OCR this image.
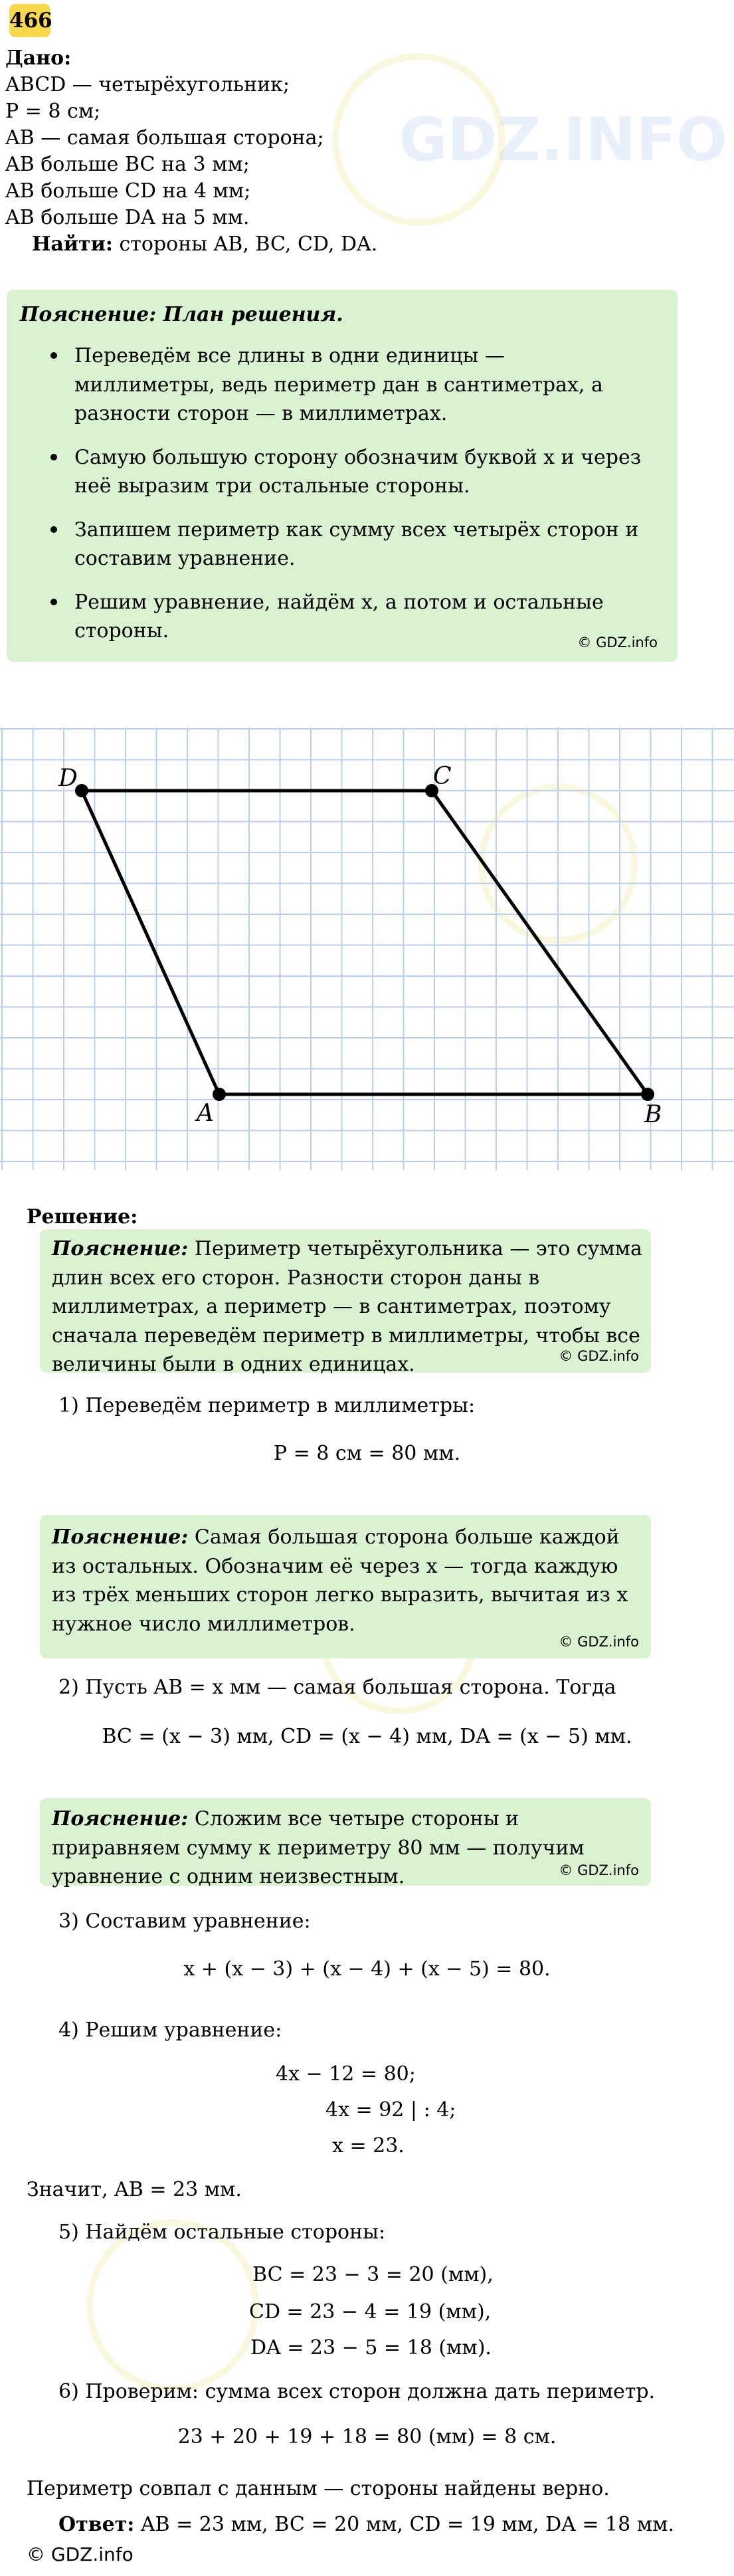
GDZ.INFO
466
Дано:
ABCD — четырёхугольник;
P = 8 см;
AB — самая большая сторона;
AB больше BC на 3 мм;
AB больше CD на 4 мм;
AB больше DA на 5 мм.
Найти: стороны AB, BC, CD, DA.
Пояснение: План решения.
Переведём все длины в одни единицы — миллиметры, ведь периметр дан в сантиметрах, а разности сторон — в миллиметрах.
Самую большую сторону обозначим буквой x и через неё выразим три остальные стороны.
Запишем периметр как сумму всех четырёх сторон и составим уравнение.
Решим уравнение, найдём x, а потом и остальные стороны.	© GDZ.info
A	B
C
D
Решение:
Пояснение: Периметр четырёхугольника — это сумма длин всех его сторон. Разности сторон даны в миллиметрах, а периметр — в сантиметрах, поэтому сначала переведём периметр в миллиметры, чтобы все величины были в одних единицах.	© GDZ.info
1) Переведём периметр в миллиметры:
P = 8 см = 80 мм.
Пояснение: Самая большая сторона больше каждой из остальных. Обозначим её через x — тогда каждую из трёх меньших сторон легко выразить, вычитая из x нужное число миллиметров.
© GDZ.info
2) Пусть AB = x мм — самая большая сторона. Тогда
BC = (x − 3) мм, CD = (x − 4) мм, DA = (x − 5) мм.
Пояснение: Сложим все четыре стороны и приравняем сумму к периметру 80 мм — получим уравнение с одним неизвестным.	© GDZ.info
3) Составим уравнение:
x + (x − 3) + (x − 4) + (x − 5) = 80.
4) Решим уравнение:
4x − 12 = 80;
4x = 92 | : 4;
x = 23.
Значит, AB = 23 мм.
5) Найдём остальные стороны:
BC = 23 − 3 = 20 (мм),
CD = 23 − 4 = 19 (мм),
DA = 23 − 5 = 18 (мм).
6) Проверим: сумма всех сторон должна дать периметр.
23 + 20 + 19 + 18 = 80 (мм) = 8 см.
Периметр совпал с данным — стороны найдены верно.
Ответ: AB = 23 мм, BC = 20 мм, CD = 19 мм, DA = 18 мм.
© GDZ.info
